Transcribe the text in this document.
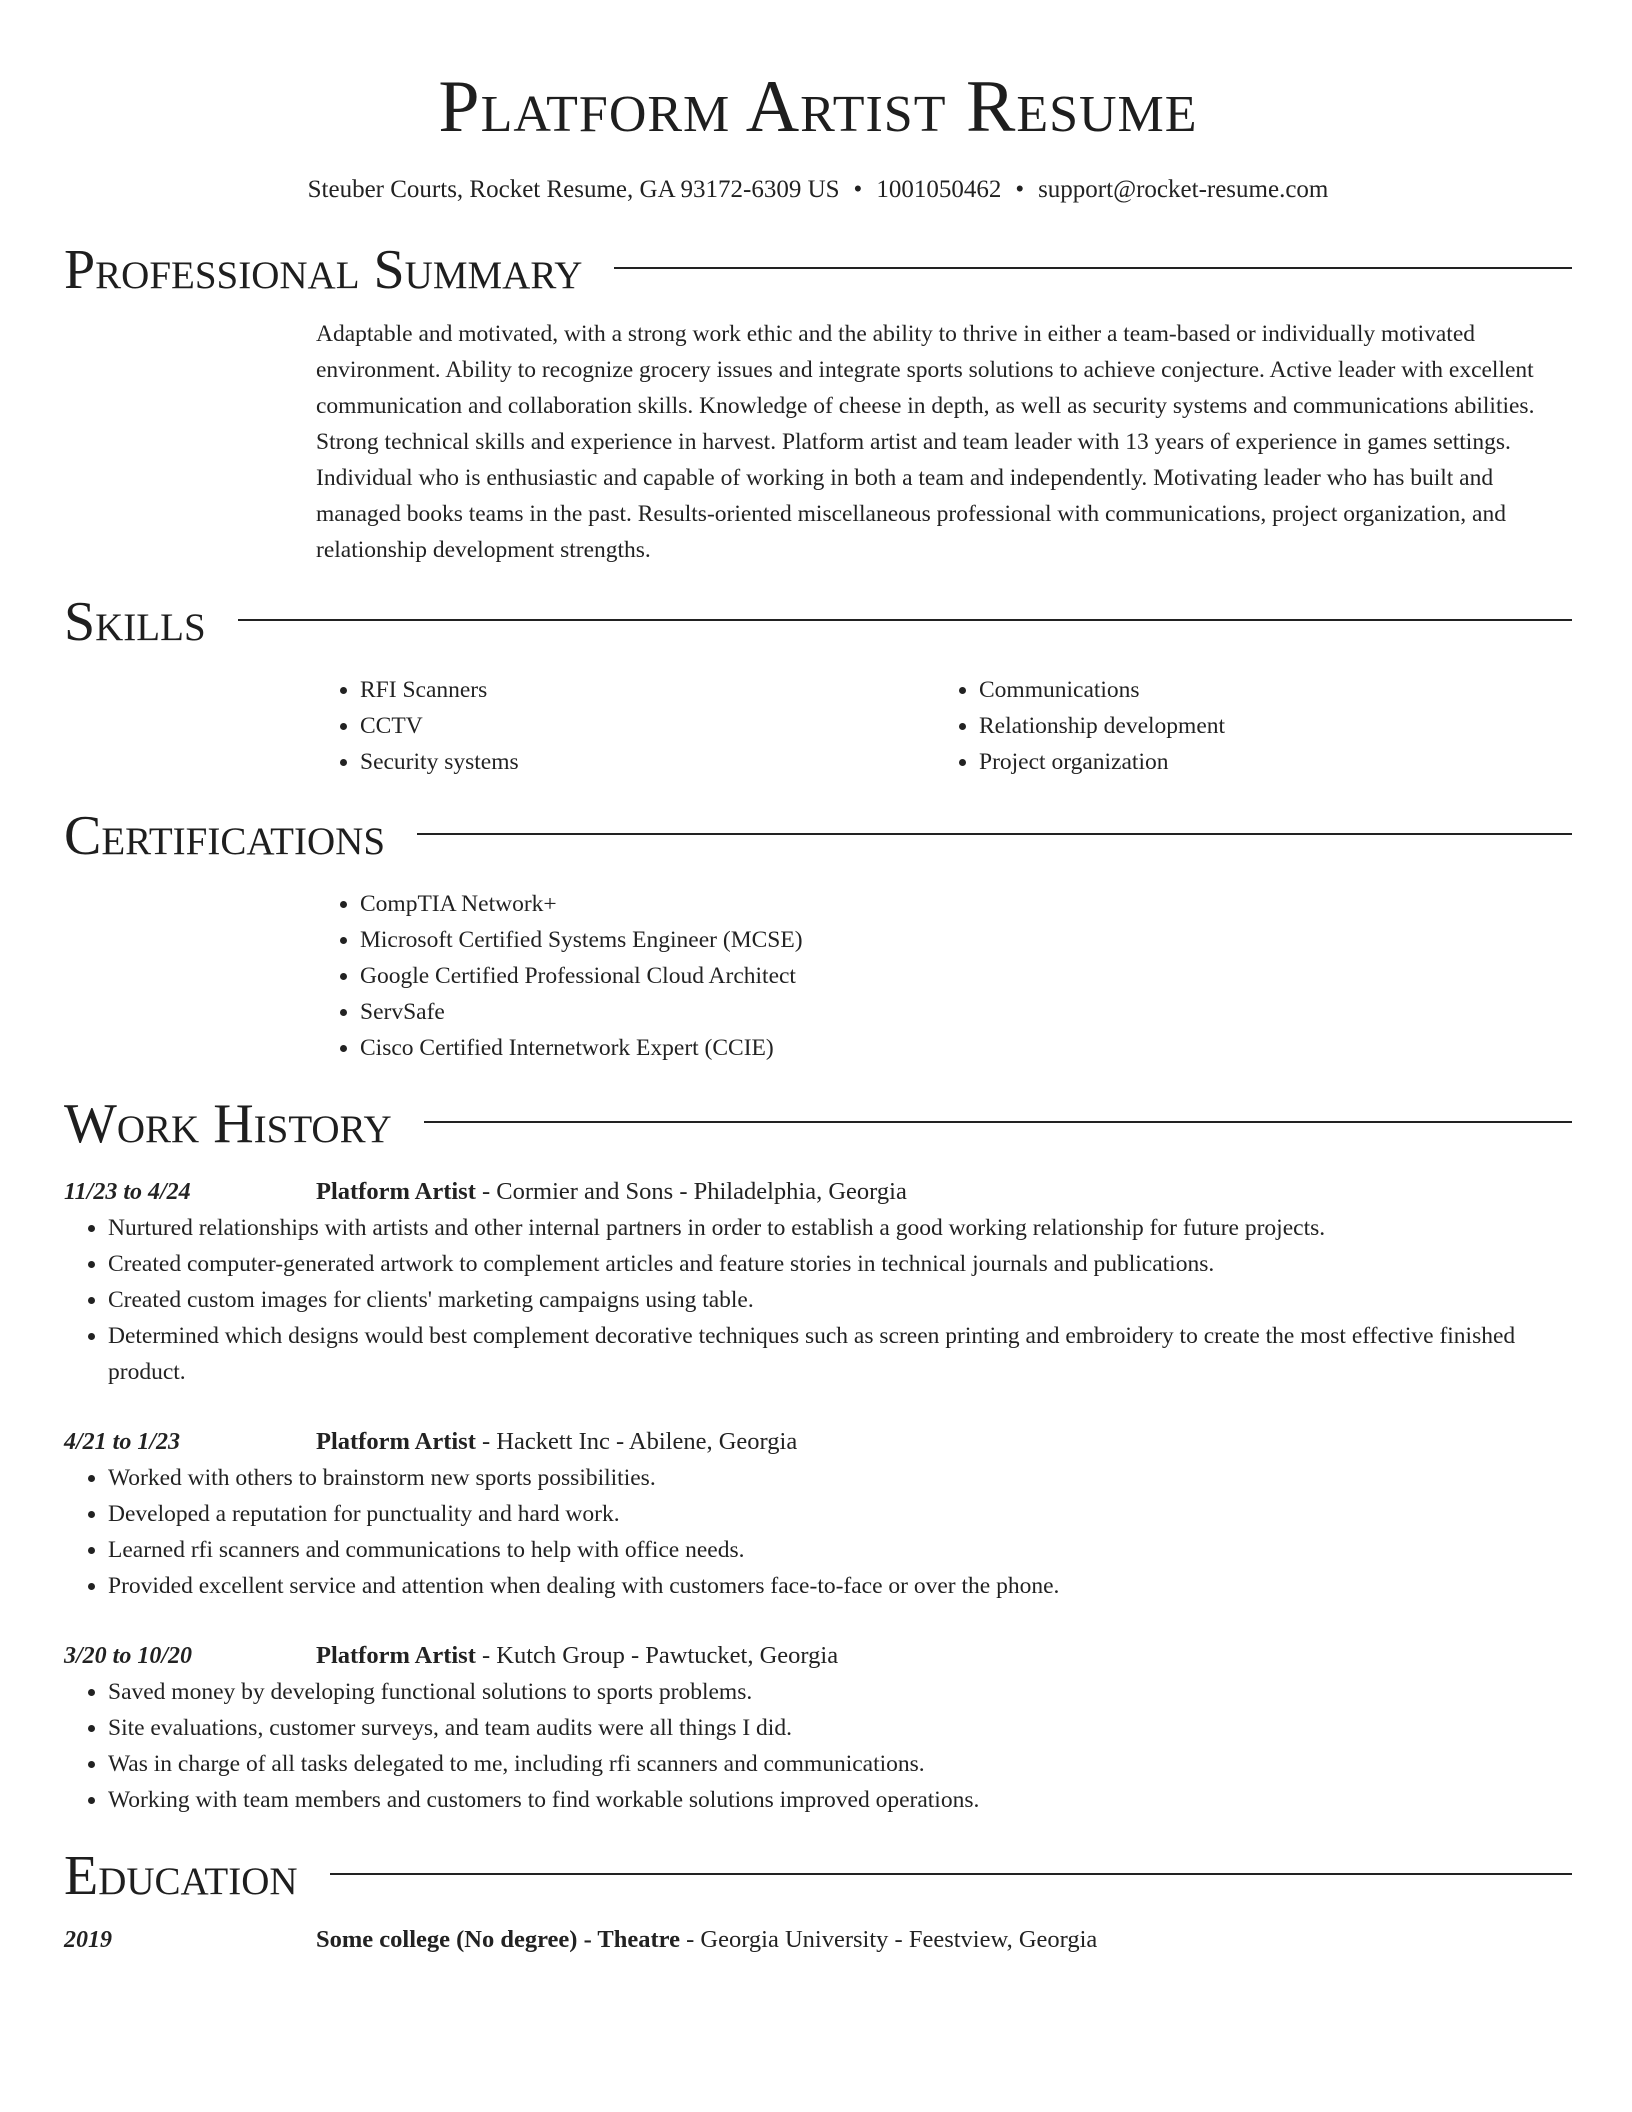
Platform Artist Resume
Steuber Courts, Rocket Resume, GA 93172-6309 US • 1001050462 • support@rocket-resume.com
Professional Summary

Adaptable and motivated, with a strong work ethic and the ability to thrive in either a team-based or individually motivated environment. Ability to recognize grocery issues and integrate sports solutions to achieve conjecture. Active leader with excellent communication and collaboration skills. Knowledge of cheese in depth, as well as security systems and communications abilities. Strong technical skills and experience in harvest. Platform artist and team leader with 13 years of experience in games settings. Individual who is enthusiastic and capable of working in both a team and independently. Motivating leader who has built and managed books teams in the past. Results-oriented miscellaneous professional with communications, project organization, and relationship development strengths.

Skills
• RFI Scanners
• CCTV
• Security systems
• Communications
• Relationship development
• Project organization
Certifications
• CompTIA Network+
• Microsoft Certified Systems Engineer (MCSE)
• Google Certified Professional Cloud Architect
• ServSafe
• Cisco Certified Internetwork Expert (CCIE)
Work History
11/23 to 4/24	Platform Artist - Cormier and Sons - Philadelphia, Georgia
• Nurtured relationships with artists and other internal partners in order to establish a good working relationship for future projects.
• Created computer-generated artwork to complement articles and feature stories in technical journals and publications.
• Created custom images for clients' marketing campaigns using table.
• Determined which designs would best complement decorative techniques such as screen printing and embroidery to create the most effective finished product.
4/21 to 1/23	Platform Artist - Hackett Inc - Abilene, Georgia
• Worked with others to brainstorm new sports possibilities.
• Developed a reputation for punctuality and hard work.
• Learned rfi scanners and communications to help with office needs.
• Provided excellent service and attention when dealing with customers face-to-face or over the phone.
3/20 to 10/20	Platform Artist - Kutch Group - Pawtucket, Georgia
• Saved money by developing functional solutions to sports problems.
• Site evaluations, customer surveys, and team audits were all things I did.
• Was in charge of all tasks delegated to me, including rfi scanners and communications.
• Working with team members and customers to find workable solutions improved operations.
Education
2019	Some college (No degree) - Theatre - Georgia University - Feestview, Georgia
